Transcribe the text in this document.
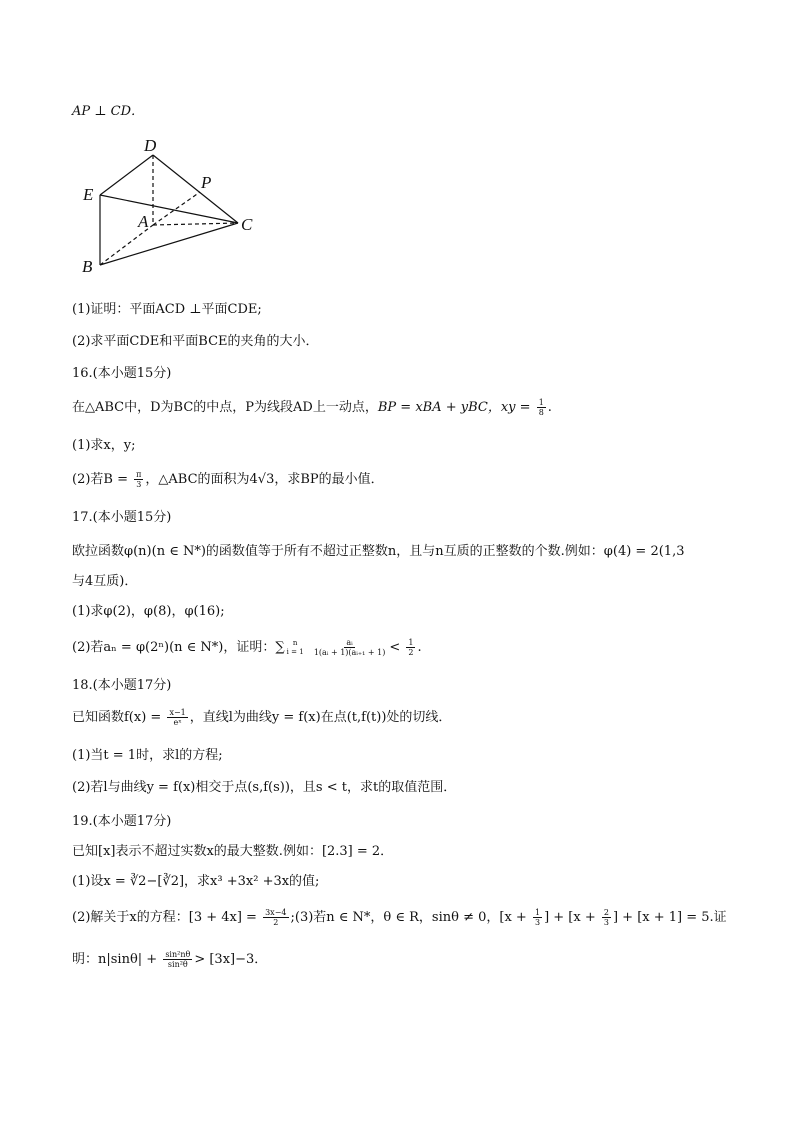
AP ⊥ CD．
D
P
E
A	C
B
(1)证明：平面ACD ⊥平面CDE;
(2)求平面CDE和平面BCE的夹角的大小．
16.(本小题15分)
在△ABC中，D为BC的中点，P为线段AD上一动点，BP = xBA + yBC，xy = $\frac{1}{8}$ .
(1)求x，y;
(2)若$B = \frac{\pi}{3}$ ，△ABC的面积为4√3，求BP的最小值．
17.(本小题15分)
欧拉函数φ(n)(n ∈ N*)的函数值等于所有不超过正整数n，且与n互质的正整数的个数.例如：φ(4) = 2(1,3
与4互质)．
(1)求φ(2)，φ(8)，φ(16);
(2)若aₙ = φ(2ⁿ)(n ∈ N*)，证明：∑ n
i = 1
$\frac{\text{aᵢ}}{\text{1(aᵢ + 1)(aᵢ₊₁ + 1)}} < \frac{1}{2}$ .
18.(本小题17分)
已知函数$f(x) = \frac{x-1}{\text{eˣ}}$ ，直线l为曲线y = f(x)在点(t,f(t))处的切线．
(1)当t = 1时，求l的方程;
(2)若l与曲线y = f(x)相交于点(s,f(s))，且s < t，求t的取值范围．
19.(本小题17分)
已知[x]表示不超过实数x的最大整数.例如：[2.3] = 2．
(1)设x = ∛2−[∛2]，求x³ +3x² +3x的值;
(2)解关于x的方程：$[3 + 4x] = \frac{3x-4}{2}$ ;(3)若n ∈ N*，θ ∈ R，sinθ ≠ 0，[$x + \frac{1}{3}$ ] + [$x + \frac{2}{3}$ ] + [x + 1] = 5.证
明：$n|\sin\theta| + \frac{\text{sin²nθ}}{\text{sin²θ}} > [3x]-3$．
